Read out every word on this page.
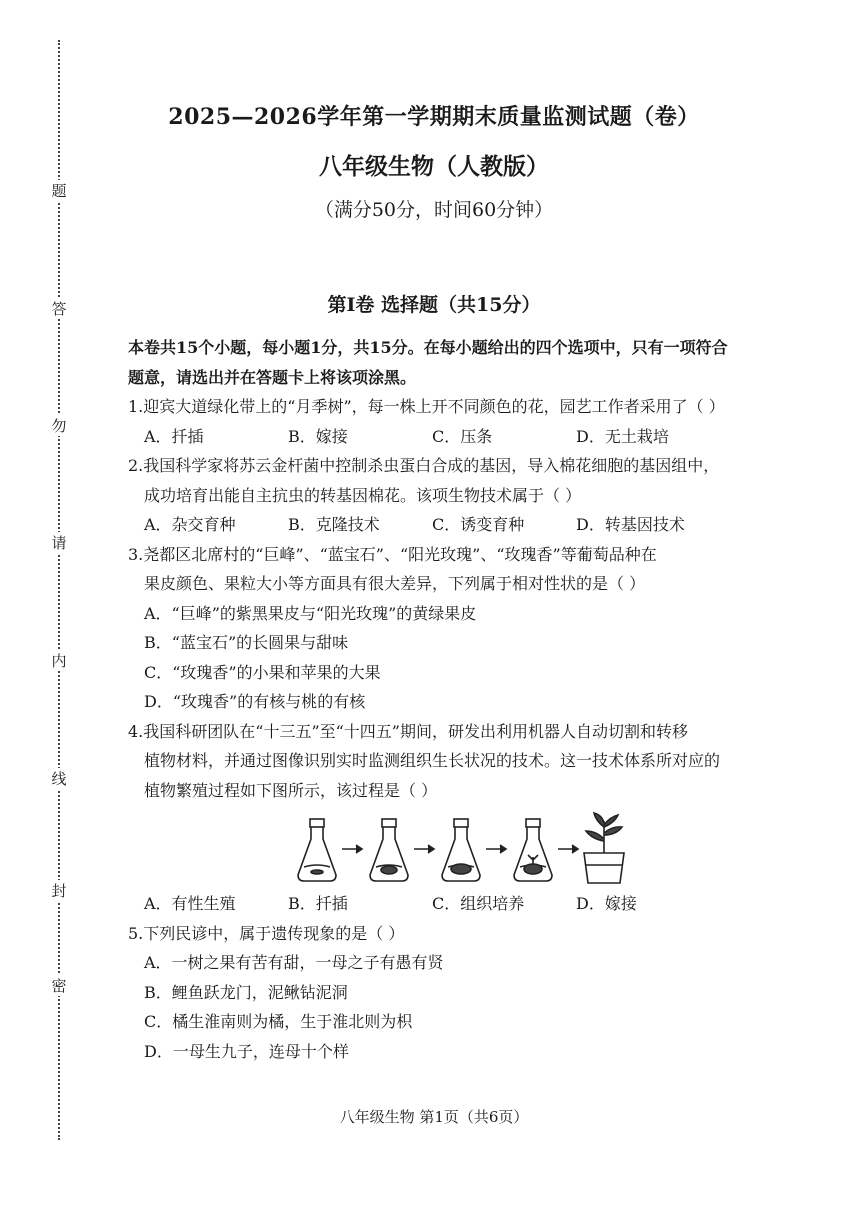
题
答
勿
请
内
线
封
密
2025—2026学年第一学期期末质量监测试题（卷）
八年级生物（人教版）
（满分50分，时间60分钟）
第Ⅰ卷 选择题（共15分）
本卷共15个小题，每小题1分，共15分。在每小题给出的四个选项中，只有一项符合
题意，请选出并在答题卡上将该项涂黑。
1.迎宾大道绿化带上的“月季树”，每一株上开不同颜色的花，园艺工作者采用了（ ）
A．扦插	B．嫁接	C．压条	D．无土栽培
2.我国科学家将苏云金杆菌中控制杀虫蛋白合成的基因，导入棉花细胞的基因组中，
成功培育出能自主抗虫的转基因棉花。该项生物技术属于（ ）
A．杂交育种	B．克隆技术	C．诱变育种	D．转基因技术
3.尧都区北席村的“巨峰”、“蓝宝石”、“阳光玫瑰”、“玫瑰香”等葡萄品种在
果皮颜色、果粒大小等方面具有很大差异，下列属于相对性状的是（ ）
A．“巨峰”的紫黑果皮与“阳光玫瑰”的黄绿果皮
B．“蓝宝石”的长圆果与甜味
C．“玫瑰香”的小果和苹果的大果
D．“玫瑰香”的有核与桃的有核
4.我国科研团队在“十三五”至“十四五”期间，研发出利用机器人自动切割和转移
植物材料，并通过图像识别实时监测组织生长状况的技术。这一技术体系所对应的
植物繁殖过程如下图所示，该过程是（ ）
A．有性生殖	B．扦插	C．组织培养	D．嫁接
5.下列民谚中，属于遗传现象的是（ ）
A．一树之果有苦有甜，一母之子有愚有贤
B．鲤鱼跃龙门，泥鳅钻泥洞
C．橘生淮南则为橘，生于淮北则为枳
D．一母生九子，连母十个样
八年级生物 第1页（共6页）
